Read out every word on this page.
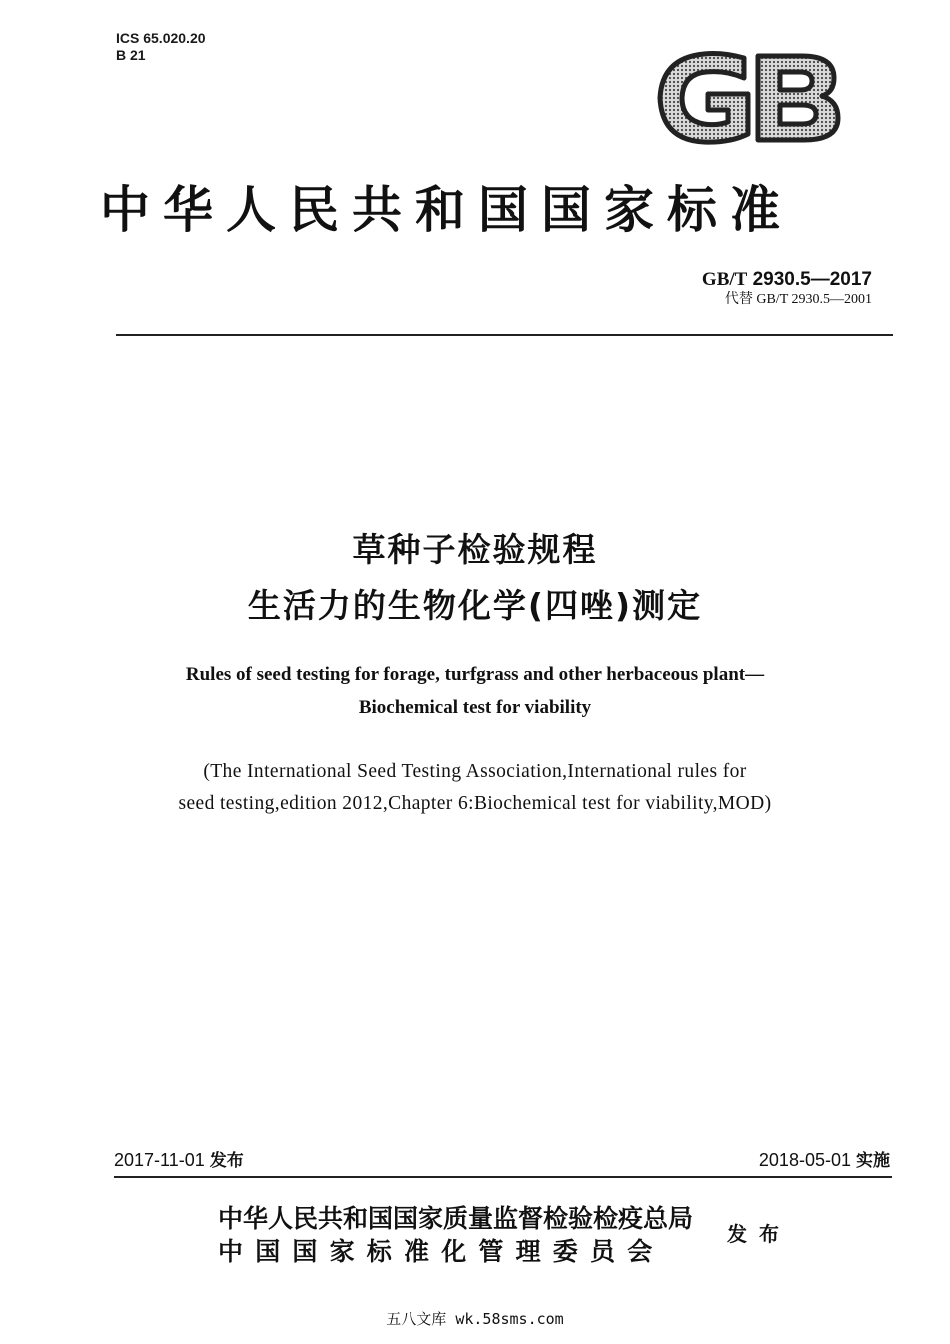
ICS 65.020.20
B 21
中华人民共和国国家标准
GB/T 2930.5—2017
代替 GB/T 2930.5—2001
草种子检验规程
生活力的生物化学(四唑)测定
Rules of seed testing for forage, turfgrass and other herbaceous plant—
Biochemical test for viability
(The International Seed Testing Association,International rules for
seed testing,edition 2012,Chapter 6:Biochemical test for viability,MOD)
2017-11-01 发布	2018-05-01 实施
中华人民共和国国家质量监督检验检疫总局
中国国家标准化管理委员会
发布
五八文库 wk.58sms.com
